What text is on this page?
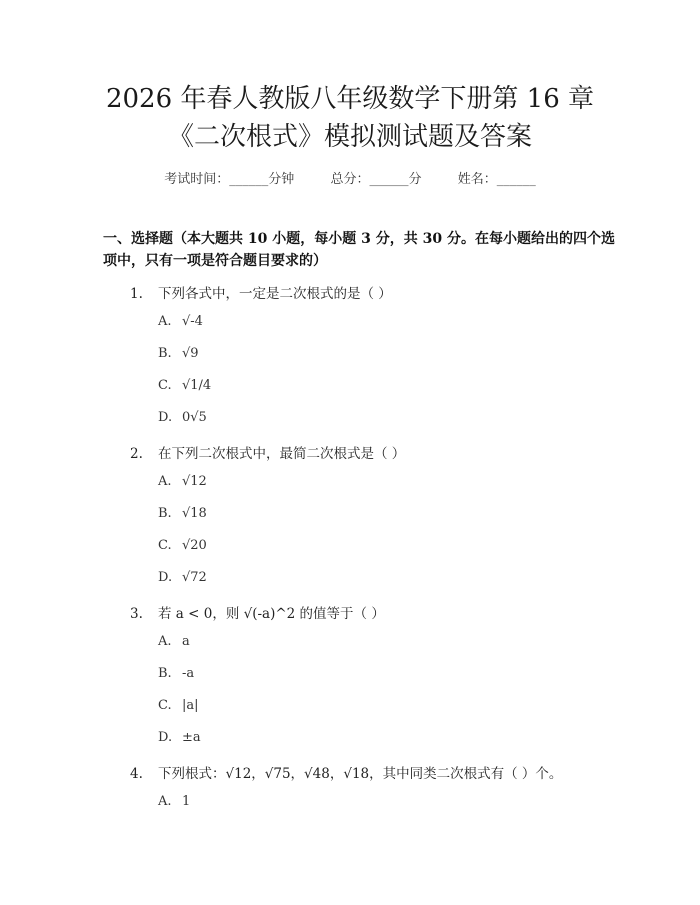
2026 年春人教版八年级数学下册第 16 章
《二次根式》模拟测试题及答案
考试时间：______分钟	总分：______分	姓名：______
一、选择题（本大题共 10 小题，每小题 3 分，共 30 分。在每小题给出的四个选
项中，只有一项是符合题目要求的）
1. 下列各式中，一定是二次根式的是（ ）
A. √-4
B. √9
C. √1/4
D. 0√5
2. 在下列二次根式中，最简二次根式是（ ）
A. √12
B. √18
C. √20
D. √72
3. 若 a < 0，则 √(-a)^2 的值等于（ ）
A. a
B. -a
C. |a|
D. ±a
4. 下列根式：√12，√75，√48，√18，其中同类二次根式有（ ）个。
A. 1
